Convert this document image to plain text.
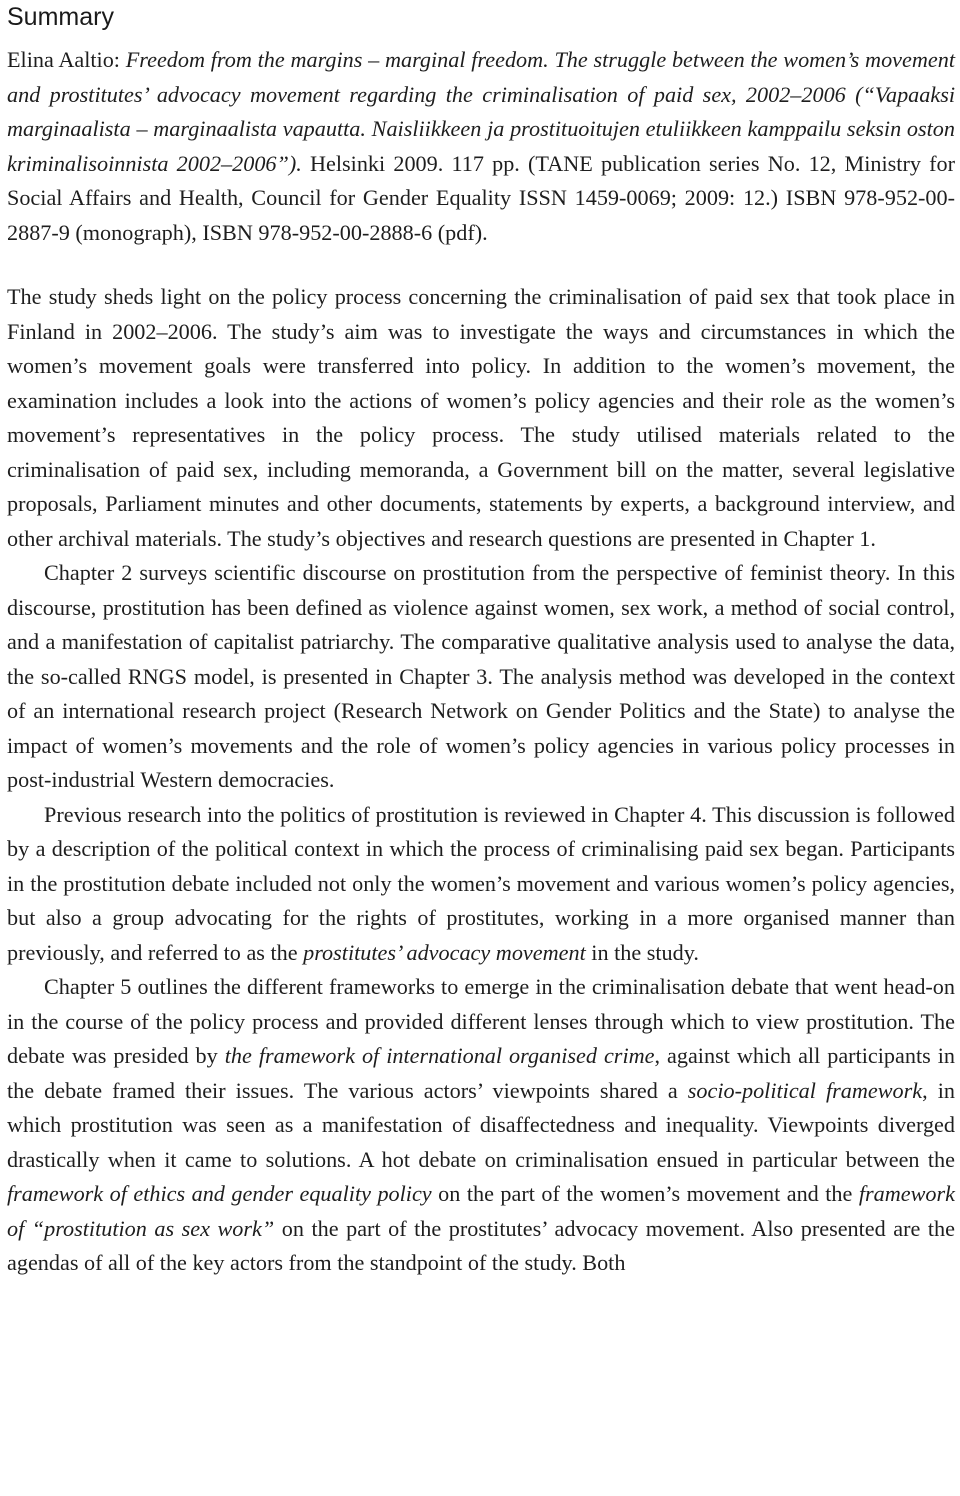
Summary

Elina Aaltio: Freedom from the margins – marginal freedom. The struggle between the women’s movement and prostitutes’ advocacy movement regarding the criminalisation of paid sex, 2002–2006 (“Vapaaksi marginaalista – marginaalista vapautta. Naisliikkeen ja prostituoitujen etuliikkeen kamppailu seksin oston kriminalisoinnista 2002–2006”). Helsinki 2009. 117 pp. (TANE publication series No. 12, Ministry for Social Affairs and Health, Council for Gender Equality ISSN 1459-0069; 2009: 12.) ISBN 978-952-00-2887-9 (monograph), ISBN 978-952-00-2888-6 (pdf).

The study sheds light on the policy process concerning the criminalisation of paid sex that took place in Finland in 2002–2006. The study’s aim was to investigate the ways and circumstances in which the women’s movement goals were transferred into policy. In addition to the women’s movement, the examination includes a look into the actions of women’s policy agencies and their role as the women’s movement’s representatives in the policy process. The study utilised materials related to the criminalisation of paid sex, including memoranda, a Government bill on the matter, several legislative proposals, Parliament minutes and other documents, statements by experts, a background interview, and other archival materials. The study’s objectives and research questions are presented in Chapter 1.

Chapter 2 surveys scientific discourse on prostitution from the perspective of feminist theory. In this discourse, prostitution has been defined as violence against women, sex work, a method of social control, and a manifestation of capitalist patriarchy. The comparative qualitative analysis used to analyse the data, the so-called RNGS model, is presented in Chapter 3. The analysis method was developed in the context of an international research project (Research Network on Gender Politics and the State) to analyse the impact of women’s movements and the role of women’s policy agencies in various policy processes in post-industrial Western democracies.

Previous research into the politics of prostitution is reviewed in Chapter 4. This discussion is followed by a description of the political context in which the process of criminalising paid sex began. Participants in the prostitution debate included not only the women’s movement and various women’s policy agencies, but also a group advocating for the rights of prostitutes, working in a more organised manner than previously, and referred to as the prostitutes’ advocacy movement in the study.

Chapter 5 outlines the different frameworks to emerge in the criminalisation debate that went head-on in the course of the policy process and provided different lenses through which to view prostitution. The debate was presided by the framework of international organised crime, against which all participants in the debate framed their issues. The various actors’ viewpoints shared a socio-political framework, in which prostitution was seen as a manifestation of disaffectedness and inequality. Viewpoints diverged drastically when it came to solutions. A hot debate on criminalisation ensued in particular between the framework of ethics and gender equality policy on the part of the women’s movement and the framework of “prostitution as sex work” on the part of the prostitutes’ advocacy movement. Also presented are the agendas of all of the key actors from the standpoint of the study. Both
